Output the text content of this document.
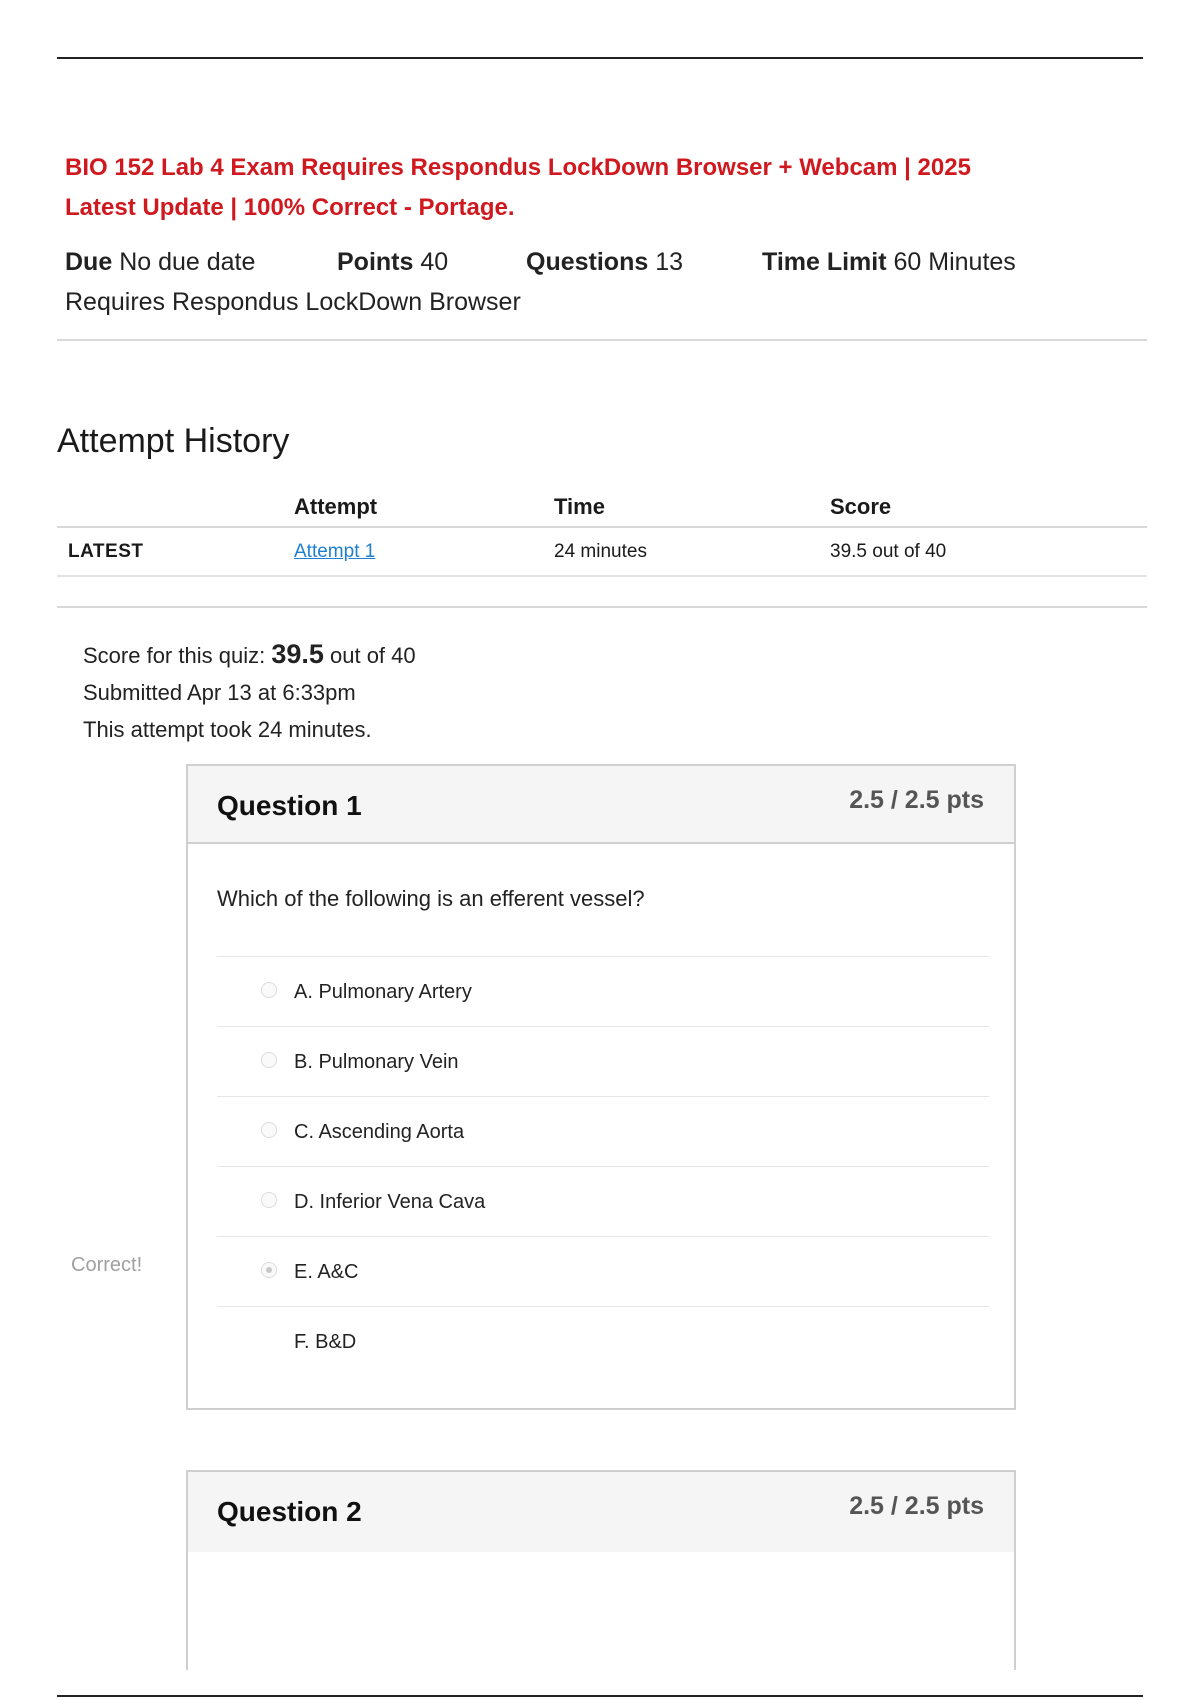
BIO 152 Lab 4 Exam Requires Respondus LockDown Browser + Webcam | 2025
Latest Update | 100% Correct - Portage.
Due No due date	Points 40	Questions 13	Time Limit 60 Minutes
Requires Respondus LockDown Browser
Attempt History
	Attempt	Time	Score
LATEST	Attempt 1	24 minutes	39.5 out of 40
Score for this quiz: 39.5 out of 40
Submitted Apr 13 at 6:33pm
This attempt took 24 minutes.
Correct!
Question 1	2.5 / 2.5 pts

Which of the following is an efferent vessel?

A. Pulmonary Artery
B. Pulmonary Vein
C. Ascending Aorta
D. Inferior Vena Cava
E. A&C
F. B&D
Question 2	2.5 / 2.5 pts
